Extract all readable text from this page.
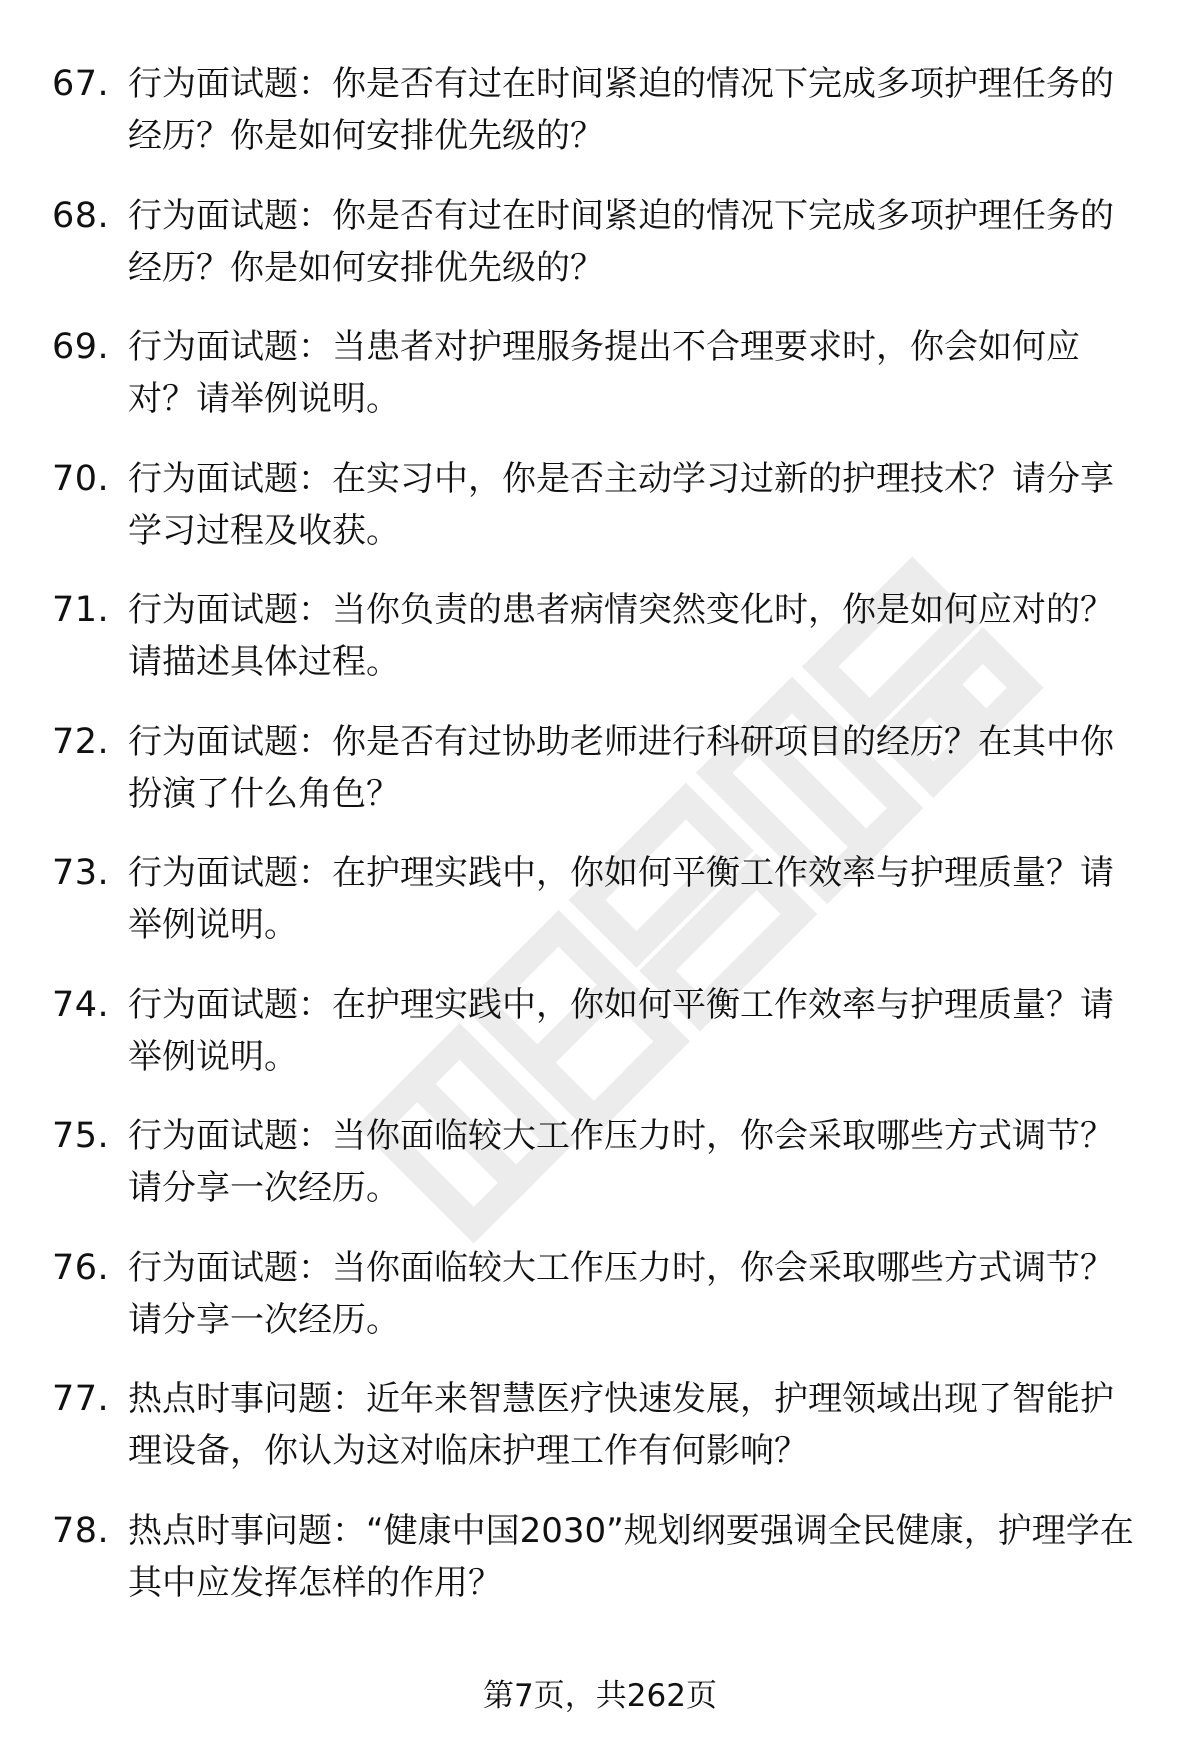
67. 行为面试题：你是否有过在时间紧迫的情况下完成多项护理任务的经历？你是如何安排优先级的？
68. 行为面试题：你是否有过在时间紧迫的情况下完成多项护理任务的经历？你是如何安排优先级的？
69. 行为面试题：当患者对护理服务提出不合理要求时，你会如何应对？请举例说明。
70. 行为面试题：在实习中，你是否主动学习过新的护理技术？请分享学习过程及收获。
71. 行为面试题：当你负责的患者病情突然变化时，你是如何应对的？请描述具体过程。
72. 行为面试题：你是否有过协助老师进行科研项目的经历？在其中你扮演了什么角色？
73. 行为面试题：在护理实践中，你如何平衡工作效率与护理质量？请举例说明。
74. 行为面试题：在护理实践中，你如何平衡工作效率与护理质量？请举例说明。
75. 行为面试题：当你面临较大工作压力时，你会采取哪些方式调节？请分享一次经历。
76. 行为面试题：当你面临较大工作压力时，你会采取哪些方式调节？请分享一次经历。
77. 热点时事问题：近年来智慧医疗快速发展，护理领域出现了智能护理设备，你认为这对临床护理工作有何影响？
78. 热点时事问题：“健康中国2030”规划纲要强调全民健康，护理学在其中应发挥怎样的作用？
第7页，共262页
